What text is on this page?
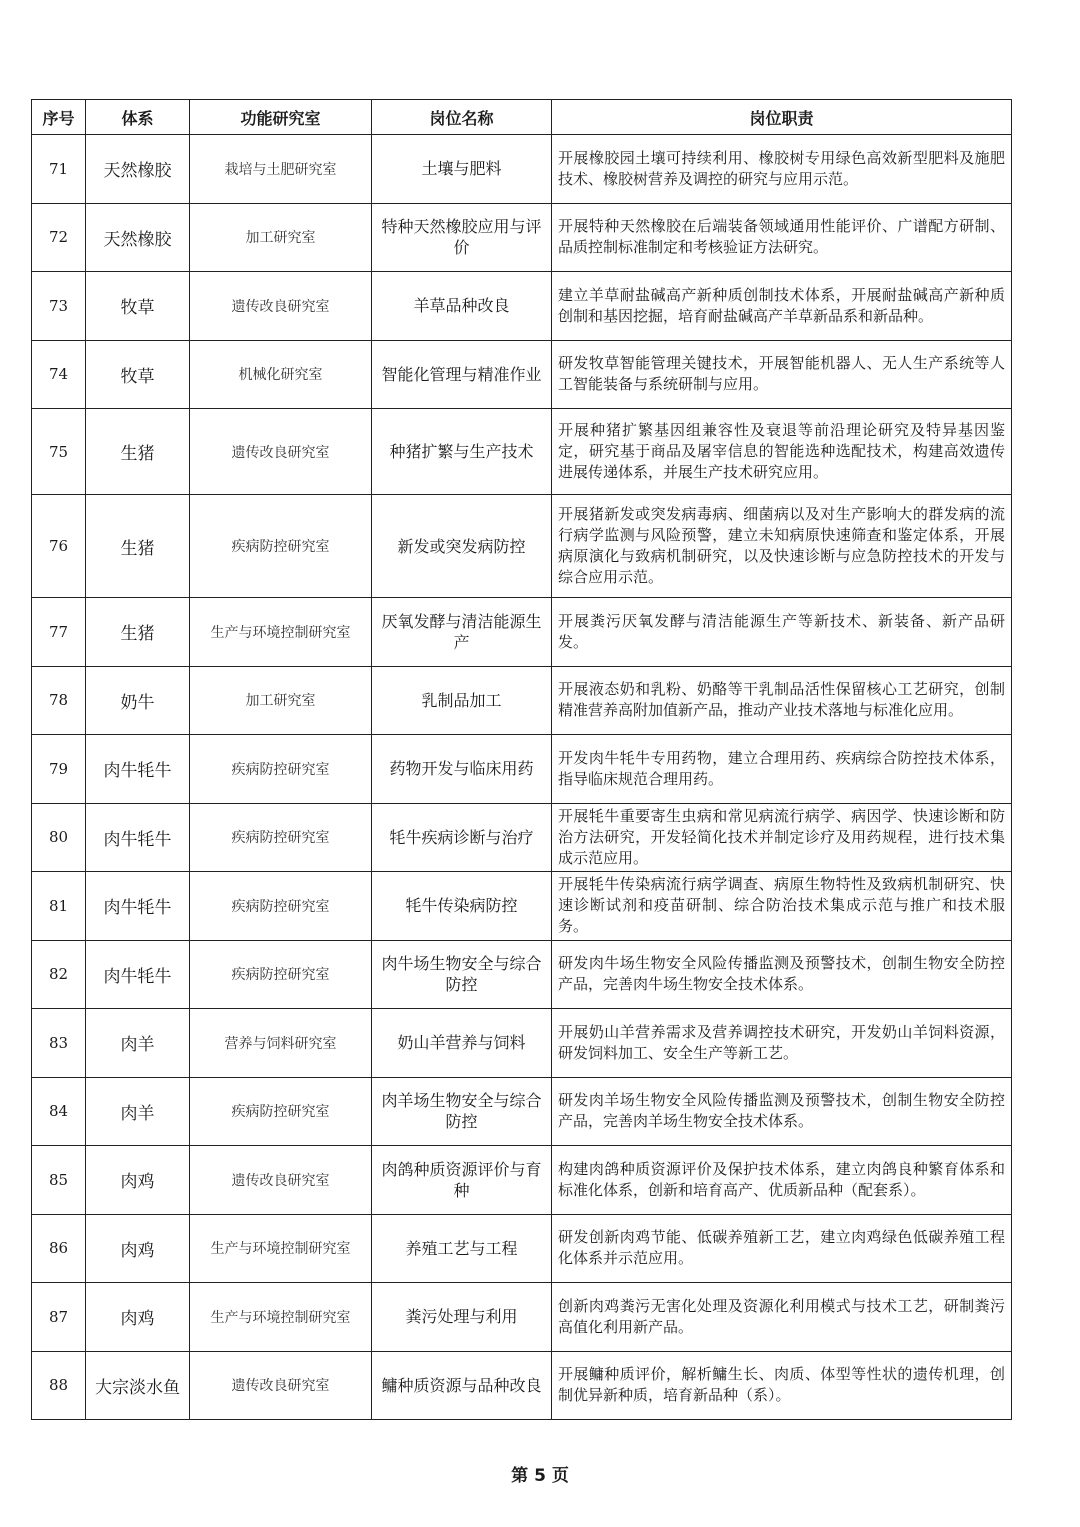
序号	体系	功能研究室	岗位名称	岗位职责
71	天然橡胶	栽培与土肥研究室	土壤与肥料	开展橡胶园土壤可持续利用、橡胶树专用绿色高效新型肥料及施肥技术、橡胶树营养及调控的研究与应用示范。
72	天然橡胶	加工研究室	特种天然橡胶应用与评价	开展特种天然橡胶在后端装备领域通用性能评价、广谱配方研制、品质控制标准制定和考核验证方法研究。
73	牧草	遗传改良研究室	羊草品种改良	建立羊草耐盐碱高产新种质创制技术体系，开展耐盐碱高产新种质创制和基因挖掘，培育耐盐碱高产羊草新品系和新品种。
74	牧草	机械化研究室	智能化管理与精准作业	研发牧草智能管理关键技术，开展智能机器人、无人生产系统等人工智能装备与系统研制与应用。
75	生猪	遗传改良研究室	种猪扩繁与生产技术	开展种猪扩繁基因组兼容性及衰退等前沿理论研究及特异基因鉴定，研究基于商品及屠宰信息的智能选种选配技术，构建高效遗传进展传递体系，并展生产技术研究应用。
76	生猪	疾病防控研究室	新发或突发病防控	开展猪新发或突发病毒病、细菌病以及对生产影响大的群发病的流行病学监测与风险预警，建立未知病原快速筛查和鉴定体系，开展病原演化与致病机制研究，以及快速诊断与应急防控技术的开发与综合应用示范。
77	生猪	生产与环境控制研究室	厌氧发酵与清洁能源生产	开展粪污厌氧发酵与清洁能源生产等新技术、新装备、新产品研发。
78	奶牛	加工研究室	乳制品加工	开展液态奶和乳粉、奶酪等干乳制品活性保留核心工艺研究，创制精准营养高附加值新产品，推动产业技术落地与标准化应用。
79	肉牛牦牛	疾病防控研究室	药物开发与临床用药	开发肉牛牦牛专用药物，建立合理用药、疾病综合防控技术体系，指导临床规范合理用药。
80	肉牛牦牛	疾病防控研究室	牦牛疾病诊断与治疗	开展牦牛重要寄生虫病和常见病流行病学、病因学、快速诊断和防治方法研究，开发轻简化技术并制定诊疗及用药规程，进行技术集成示范应用。
81	肉牛牦牛	疾病防控研究室	牦牛传染病防控	开展牦牛传染病流行病学调查、病原生物特性及致病机制研究、快速诊断试剂和疫苗研制、综合防治技术集成示范与推广和技术服务。
82	肉牛牦牛	疾病防控研究室	肉牛场生物安全与综合防控	研发肉牛场生物安全风险传播监测及预警技术，创制生物安全防控产品，完善肉牛场生物安全技术体系。
83	肉羊	营养与饲料研究室	奶山羊营养与饲料	开展奶山羊营养需求及营养调控技术研究，开发奶山羊饲料资源，研发饲料加工、安全生产等新工艺。
84	肉羊	疾病防控研究室	肉羊场生物安全与综合防控	研发肉羊场生物安全风险传播监测及预警技术，创制生物安全防控产品，完善肉羊场生物安全技术体系。
85	肉鸡	遗传改良研究室	肉鸽种质资源评价与育种	构建肉鸽种质资源评价及保护技术体系，建立肉鸽良种繁育体系和标准化体系，创新和培育高产、优质新品种（配套系）。
86	肉鸡	生产与环境控制研究室	养殖工艺与工程	研发创新肉鸡节能、低碳养殖新工艺，建立肉鸡绿色低碳养殖工程化体系并示范应用。
87	肉鸡	生产与环境控制研究室	粪污处理与利用	创新肉鸡粪污无害化处理及资源化利用模式与技术工艺，研制粪污高值化利用新产品。
88	大宗淡水鱼	遗传改良研究室	鳙种质资源与品种改良	开展鳙种质评价，解析鳙生长、肉质、体型等性状的遗传机理，创制优异新种质，培育新品种（系）。
第 5 页
